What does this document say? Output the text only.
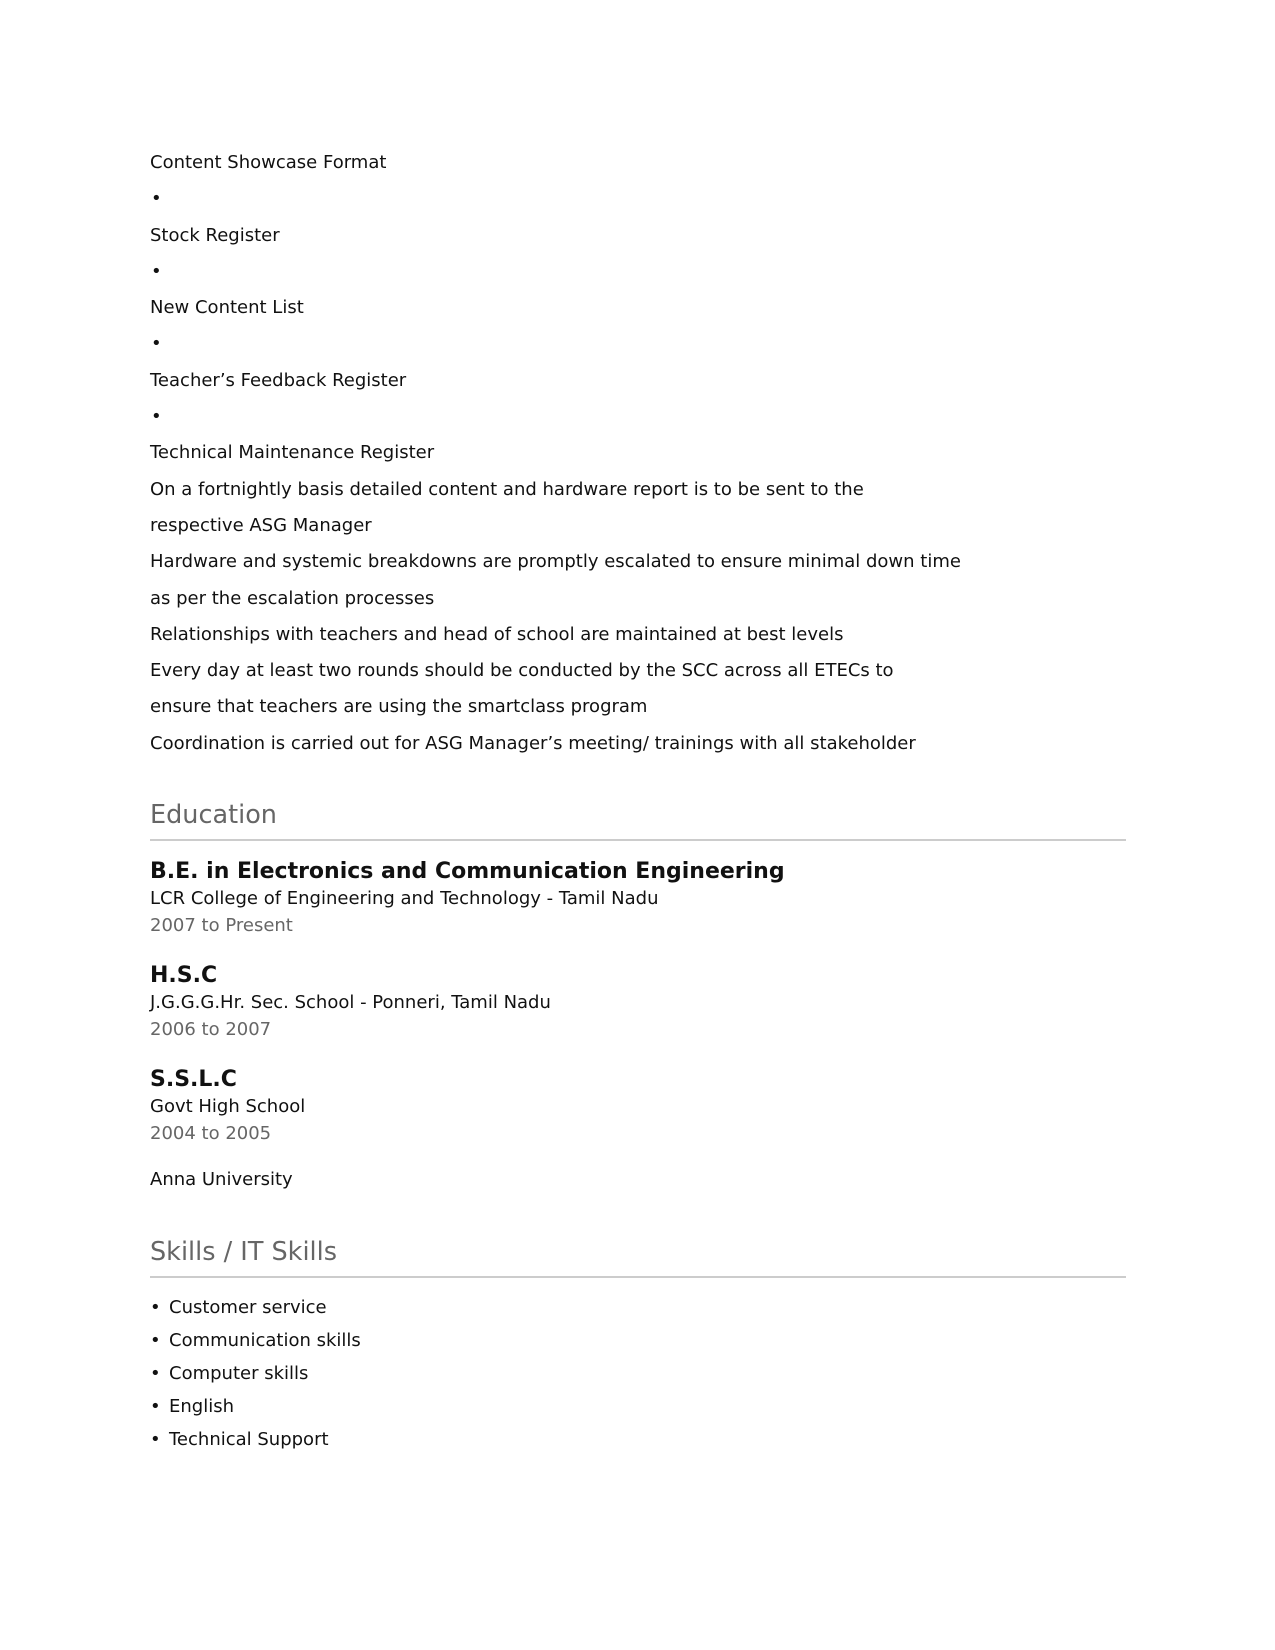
Content Showcase Format
•
Stock Register
•
New Content List
•
Teacher’s Feedback Register
•
Technical Maintenance Register
On a fortnightly basis detailed content and hardware report is to be sent to the
respective ASG Manager
Hardware and systemic breakdowns are promptly escalated to ensure minimal down time
as per the escalation processes
Relationships with teachers and head of school are maintained at best levels
Every day at least two rounds should be conducted by the SCC across all ETECs to
ensure that teachers are using the smartclass program
Coordination is carried out for ASG Manager’s meeting/ trainings with all stakeholder
Education
B.E. in Electronics and Communication Engineering
LCR College of Engineering and Technology - Tamil Nadu
2007 to Present
H.S.C
J.G.G.G.Hr. Sec. School - Ponneri, Tamil Nadu
2006 to 2007
S.S.L.C
Govt High School
2004 to 2005
Anna University
Skills / IT Skills
• Customer service
• Communication skills
• Computer skills
• English
• Technical Support
